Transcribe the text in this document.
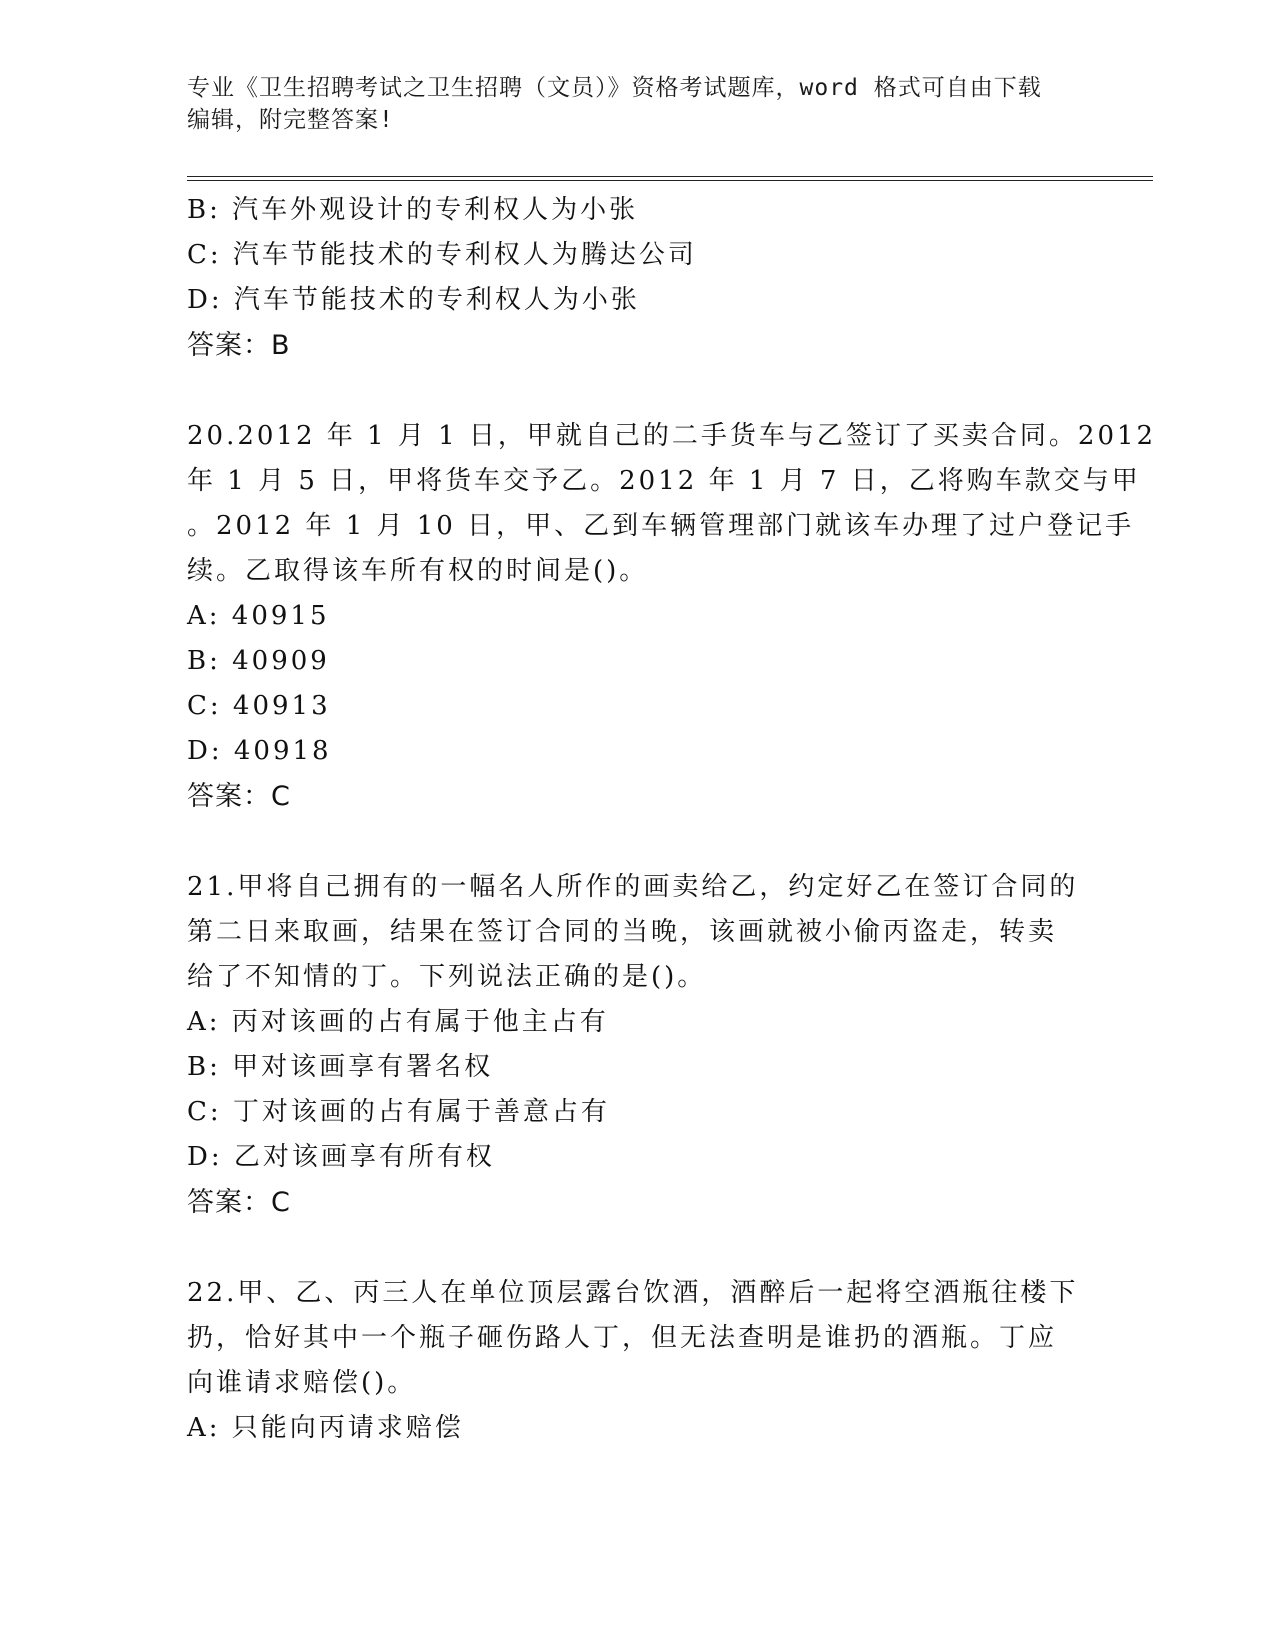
专业《卫生招聘考试之卫生招聘（文员）》资格考试题库，word 格式可自由下载
编辑，附完整答案!
B: 汽车外观设计的专利权人为小张
C: 汽车节能技术的专利权人为腾达公司
D: 汽车节能技术的专利权人为小张
答案：B
20.2012 年 1 月 1 日，甲就自己的二手货车与乙签订了买卖合同。2012
年 1 月 5 日，甲将货车交予乙。2012 年 1 月 7 日，乙将购车款交与甲
。2012 年 1 月 10 日，甲、乙到车辆管理部门就该车办理了过户登记手
续。乙取得该车所有权的时间是()。
A: 40915
B: 40909
C: 40913
D: 40918
答案：C
21.甲将自己拥有的一幅名人所作的画卖给乙，约定好乙在签订合同的
第二日来取画，结果在签订合同的当晚，该画就被小偷丙盗走，转卖
给了不知情的丁。下列说法正确的是()。
A: 丙对该画的占有属于他主占有
B: 甲对该画享有署名权
C: 丁对该画的占有属于善意占有
D: 乙对该画享有所有权
答案：C
22.甲、乙、丙三人在单位顶层露台饮酒，酒醉后一起将空酒瓶往楼下
扔，恰好其中一个瓶子砸伤路人丁，但无法查明是谁扔的酒瓶。丁应
向谁请求赔偿()。
A: 只能向丙请求赔偿
